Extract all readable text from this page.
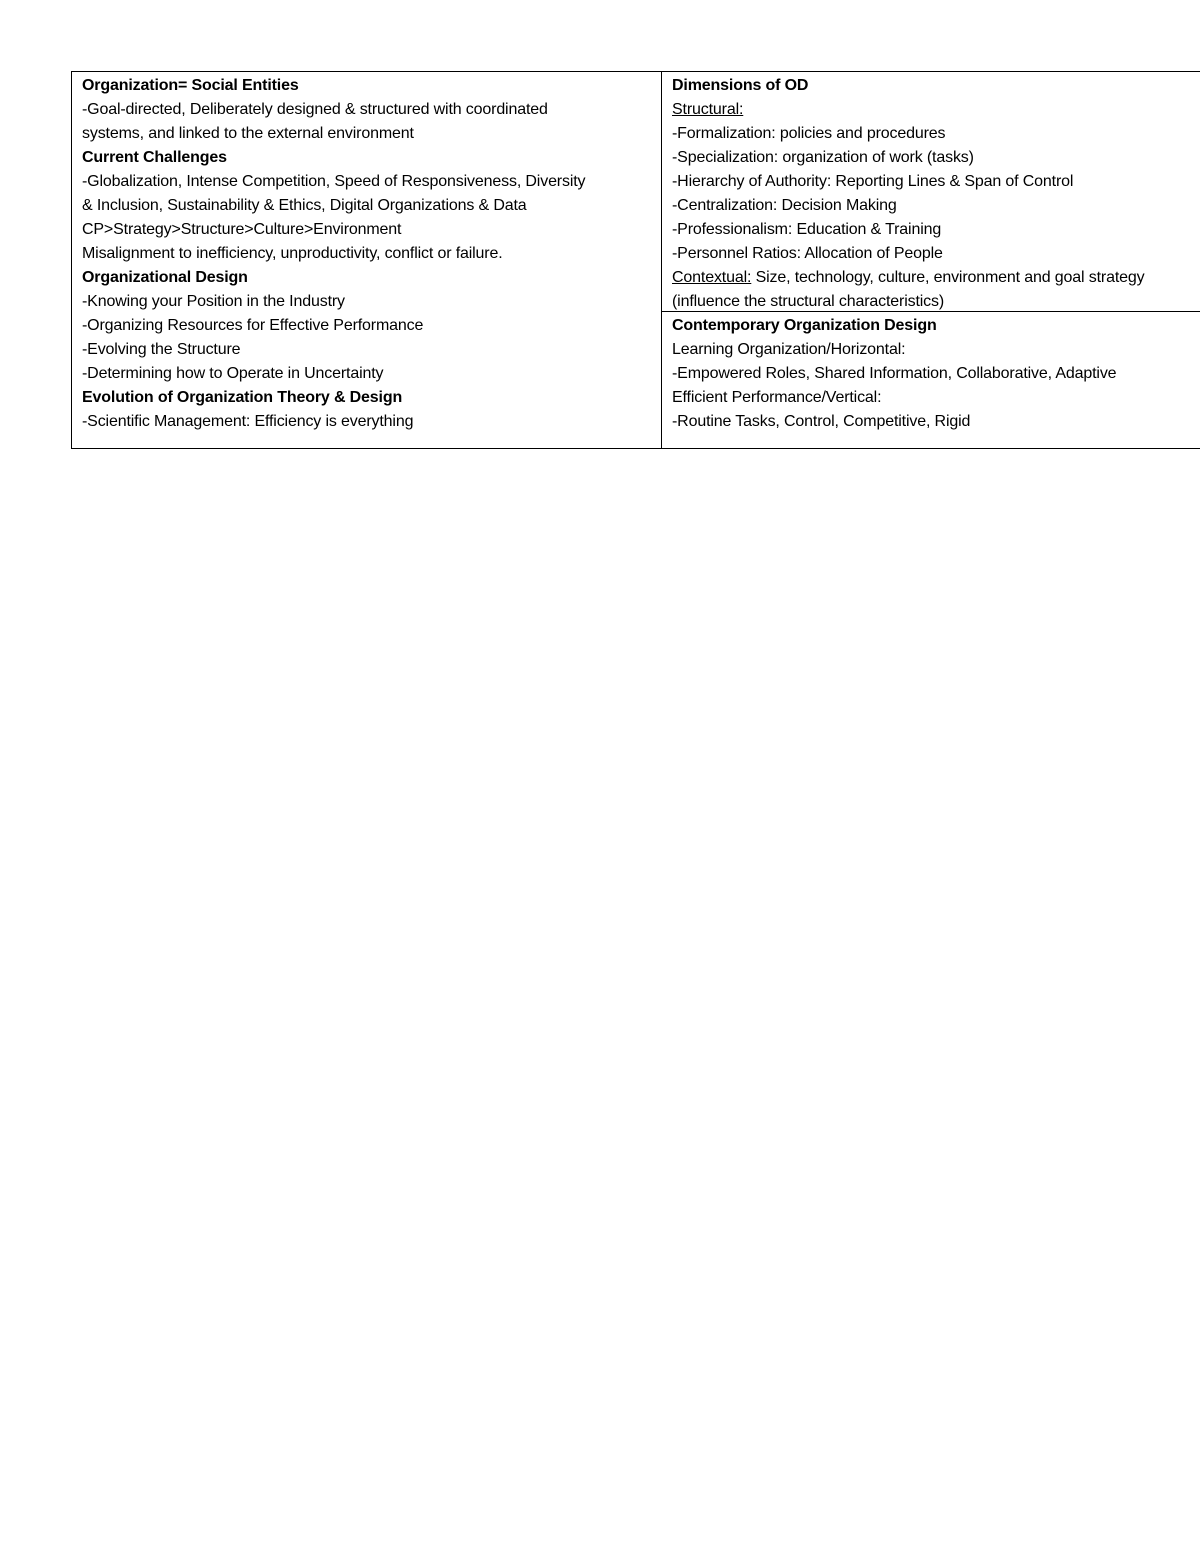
Organization= Social Entities
-Goal-directed, Deliberately designed & structured with coordinated
systems, and linked to the external environment
Current Challenges
-Globalization, Intense Competition, Speed of Responsiveness, Diversity
& Inclusion, Sustainability & Ethics, Digital Organizations & Data
CP>Strategy>Structure>Culture>Environment
Misalignment to inefficiency, unproductivity, conflict or failure.
Organizational Design
-Knowing your Position in the Industry
-Organizing Resources for Effective Performance
-Evolving the Structure
-Determining how to Operate in Uncertainty
Evolution of Organization Theory & Design
-Scientific Management: Efficiency is everything
Dimensions of OD
Structural:
-Formalization: policies and procedures
-Specialization: organization of work (tasks)
-Hierarchy of Authority: Reporting Lines & Span of Control
-Centralization: Decision Making
-Professionalism: Education & Training
-Personnel Ratios: Allocation of People
Contextual: Size, technology, culture, environment and goal strategy
(influence the structural characteristics)
Contemporary Organization Design
Learning Organization/Horizontal:
-Empowered Roles, Shared Information, Collaborative, Adaptive
Efficient Performance/Vertical:
-Routine Tasks, Control, Competitive, Rigid
